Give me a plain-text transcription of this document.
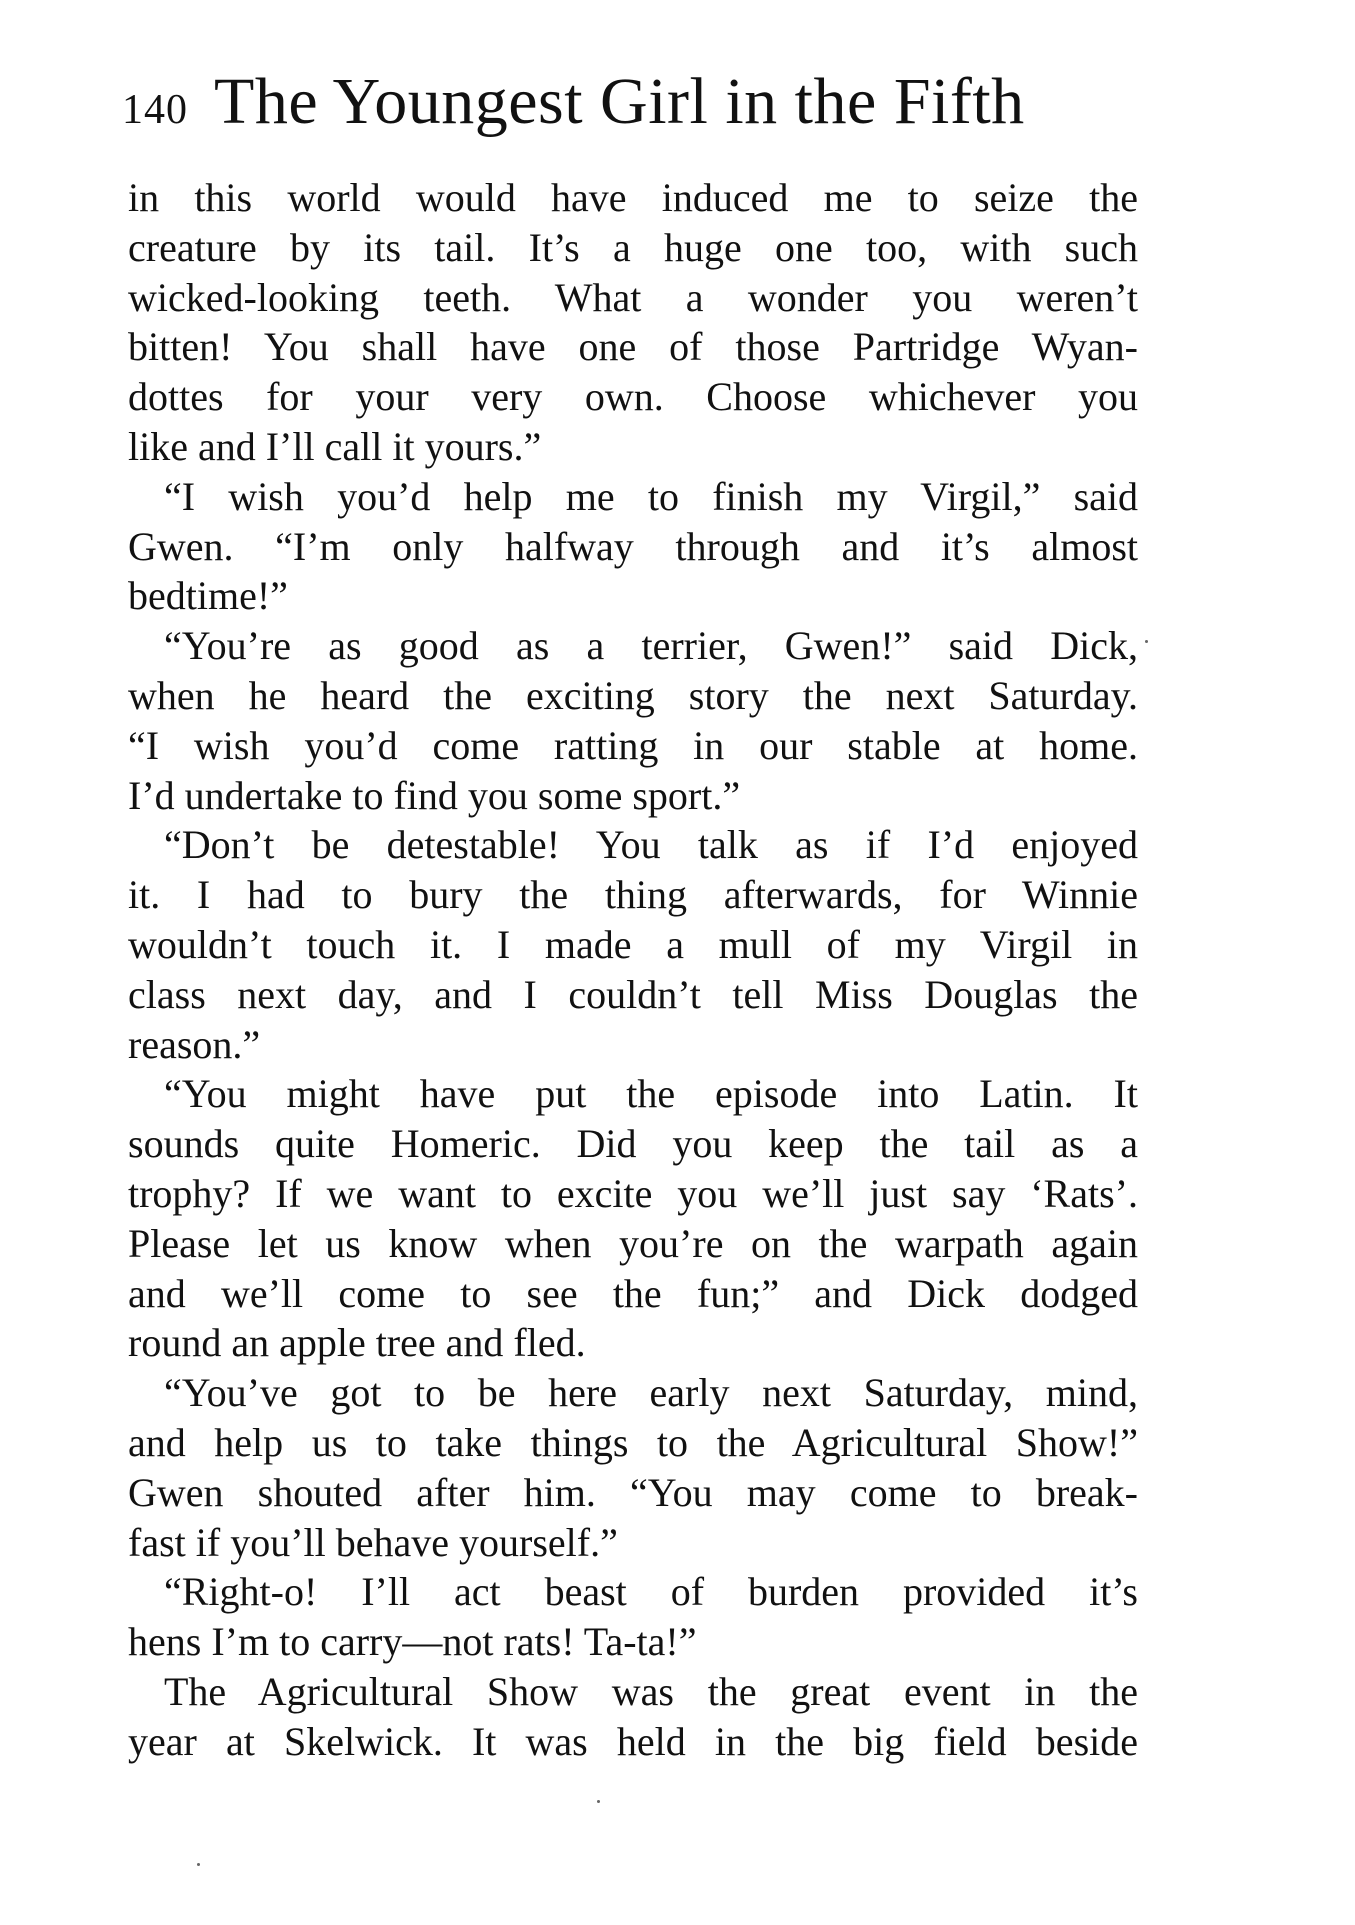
140 The Youngest Girl in the Fifth
in this world would have induced me to seize the
creature by its tail. It’s a huge one too, with such
wicked-looking teeth. What a wonder you weren’t
bitten! You shall have one of those Partridge Wyan-
dottes for your very own. Choose whichever you
like and I’ll call it yours.”
“I wish you’d help me to finish my Virgil,” said
Gwen. “I’m only halfway through and it’s almost
bedtime!”
“You’re as good as a terrier, Gwen!” said Dick,
when he heard the exciting story the next Saturday.
“I wish you’d come ratting in our stable at home.
I’d undertake to find you some sport.”
“Don’t be detestable! You talk as if I’d enjoyed
it. I had to bury the thing afterwards, for Winnie
wouldn’t touch it. I made a mull of my Virgil in
class next day, and I couldn’t tell Miss Douglas the
reason.”
“You might have put the episode into Latin. It
sounds quite Homeric. Did you keep the tail as a
trophy? If we want to excite you we’ll just say ‘Rats’.
Please let us know when you’re on the warpath again
and we’ll come to see the fun;” and Dick dodged
round an apple tree and fled.
“You’ve got to be here early next Saturday, mind,
and help us to take things to the Agricultural Show!”
Gwen shouted after him. “You may come to break-
fast if you’ll behave yourself.”
“Right-o! I’ll act beast of burden provided it’s
hens I’m to carry—not rats! Ta-ta!”
The Agricultural Show was the great event in the
year at Skelwick. It was held in the big field beside
